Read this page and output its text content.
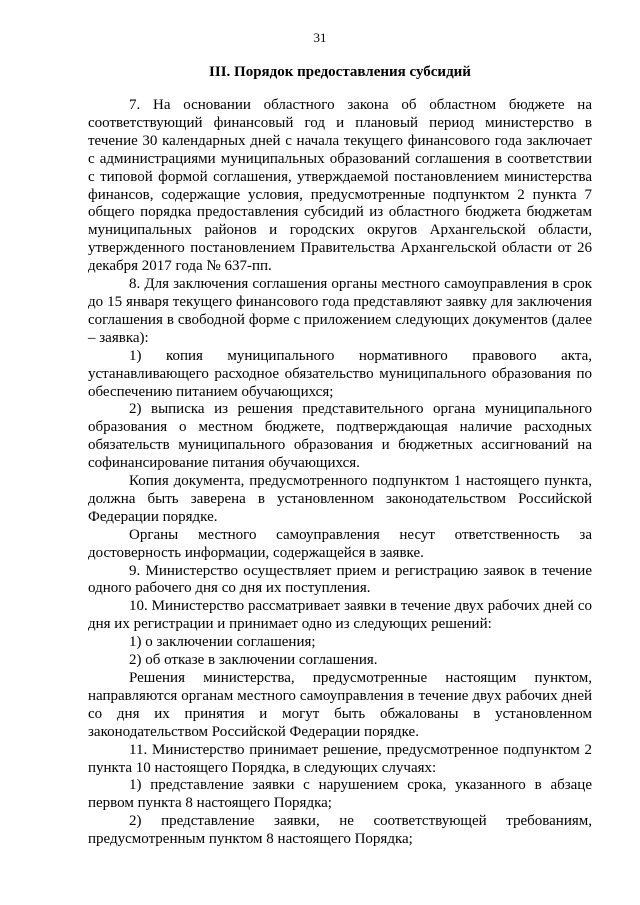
31
III. Порядок предоставления субсидий

7. На основании областного закона об областном бюджете на соответствующий финансовый год и плановый период министерство в течение 30 календарных дней с начала текущего финансового года заключает с администрациями муниципальных образований соглашения в соответствии с типовой формой соглашения, утверждаемой постановлением министерства финансов, содержащие условия, предусмотренные подпунктом 2 пункта 7 общего порядка предоставления субсидий из областного бюджета бюджетам муниципальных районов и городских округов Архангельской области, утвержденного постановлением Правительства Архангельской области от 26 декабря 2017 года № 637-пп.

8. Для заключения соглашения органы местного самоуправления в срок до 15 января текущего финансового года представляют заявку для заключения соглашения в свободной форме с приложением следующих документов (далее – заявка):

1) копия муниципального нормативного правового акта, устанавливающего расходное обязательство муниципального образования по обеспечению питанием обучающихся;

2) выписка из решения представительного органа муниципального образования о местном бюджете, подтверждающая наличие расходных обязательств муниципального образования и бюджетных ассигнований на софинансирование питания обучающихся.

Копия документа, предусмотренного подпунктом 1 настоящего пункта, должна быть заверена в установленном законодательством Российской Федерации порядке.

Органы местного самоуправления несут ответственность за достоверность информации, содержащейся в заявке.

9. Министерство осуществляет прием и регистрацию заявок в течение одного рабочего дня со дня их поступления.

10. Министерство рассматривает заявки в течение двух рабочих дней со дня их регистрации и принимает одно из следующих решений:

1) о заключении соглашения;

2) об отказе в заключении соглашения.

Решения министерства, предусмотренные настоящим пунктом, направляются органам местного самоуправления в течение двух рабочих дней со дня их принятия и могут быть обжалованы в установленном законодательством Российской Федерации порядке.

11. Министерство принимает решение, предусмотренное подпунктом 2 пункта 10 настоящего Порядка, в следующих случаях:

1) представление заявки с нарушением срока, указанного в абзаце первом пункта 8 настоящего Порядка;

2) представление заявки, не соответствующей требованиям, предусмотренным пунктом 8 настоящего Порядка;
